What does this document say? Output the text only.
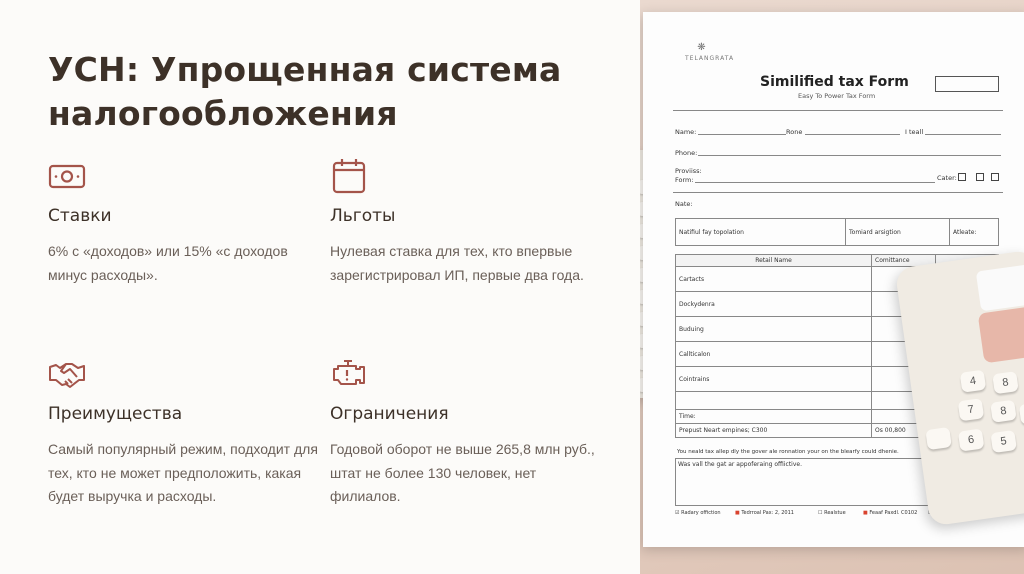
УСН: Упрощенная система налогообложения
Ставки

6% с «доходов» или 15% «с доходов минус расходы».

Льготы

Нулевая ставка для тех, кто впервые зарегистрировал ИП, первые два года.

Преимущества

Самый популярный режим, подходит для тех, кто не может предположить, какая будет выручка и расходы.

Ограничения

Годовой оборот не выше 265,8 млн руб., штат не более 130 человек, нет филиалов.

❋
TELANGRATA
Similified tax Form
Easy To Power Tax Form
Name:	Rone	I teall
Phone:
Proviiss:
Form:	Cater:
Nate:
Natifiul fay topolation	Tomiard arsigtion	Atleate:
Retail Name	Comittance	
Cartacts		
Dockydenra		
Buduing		
Callticalon		
Cointrains		

Time:		
Prepust Neart empines; C300	Os 00,800	
You neald tax allep dly the gover ale ronnation your on the blearfy could dhenie.
Was vall the gat ar appoferaing offiictive.
☑ Radary offiction	■ Tedrroal Pax: 2, 2011	☐ Realstue	■ Feaaf Paxdl. C0102
4	8
7	8
6	5
